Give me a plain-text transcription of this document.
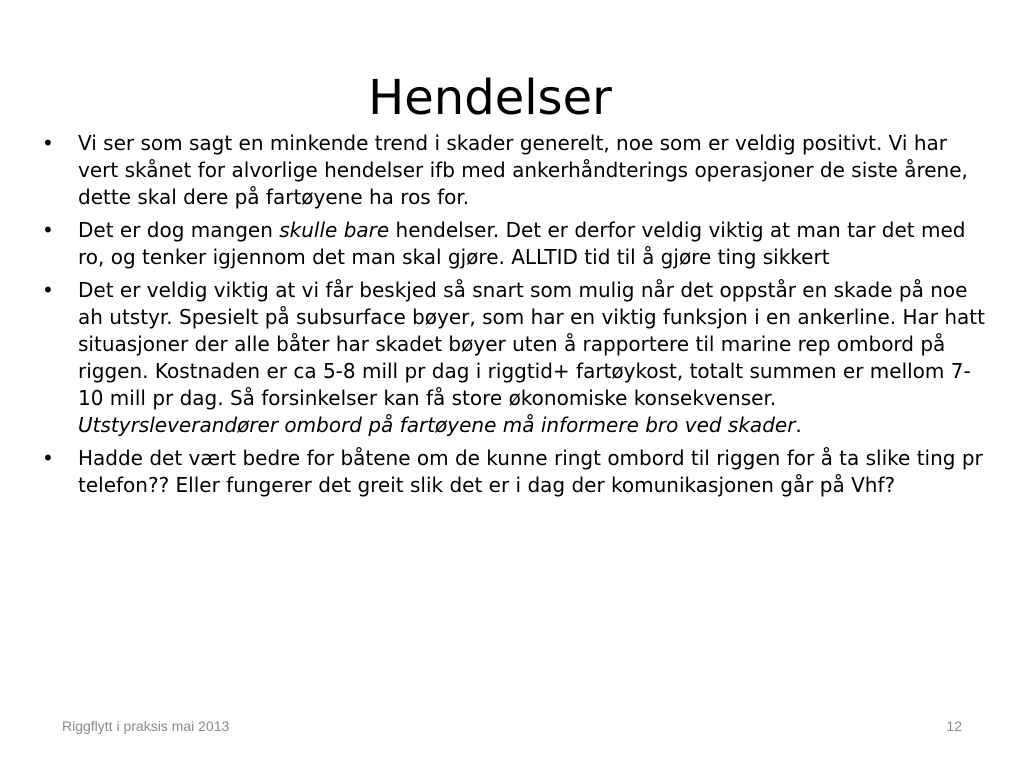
Hendelser
• Vi ser som sagt en minkende trend i skader generelt, noe som er veldig positivt. Vi har vert skånet for alvorlige hendelser ifb med ankerhåndterings operasjoner de siste årene, dette skal dere på fartøyene ha ros for.
• Det er dog mangen skulle bare hendelser. Det er derfor veldig viktig at man tar det med ro, og tenker igjennom det man skal gjøre. ALLTID tid til å gjøre ting sikkert
• Det er veldig viktig at vi får beskjed så snart som mulig når det oppstår en skade på noe ah utstyr. Spesielt på subsurface bøyer, som har en viktig funksjon i en ankerline. Har hatt situasjoner der alle båter har skadet bøyer uten å rapportere til marine rep ombord på riggen. Kostnaden er ca 5-8 mill pr dag i riggtid+ fartøykost, totalt summen er mellom 7-10 mill pr dag. Så forsinkelser kan få store økonomiske konsekvenser.
Utstyrsleverandører ombord på fartøyene må informere bro ved skader.
• Hadde det vært bedre for båtene om de kunne ringt ombord til riggen for å ta slike ting pr telefon?? Eller fungerer det greit slik det er i dag der komunikasjonen går på Vhf?
Riggflytt i praksis mai 2013	12
